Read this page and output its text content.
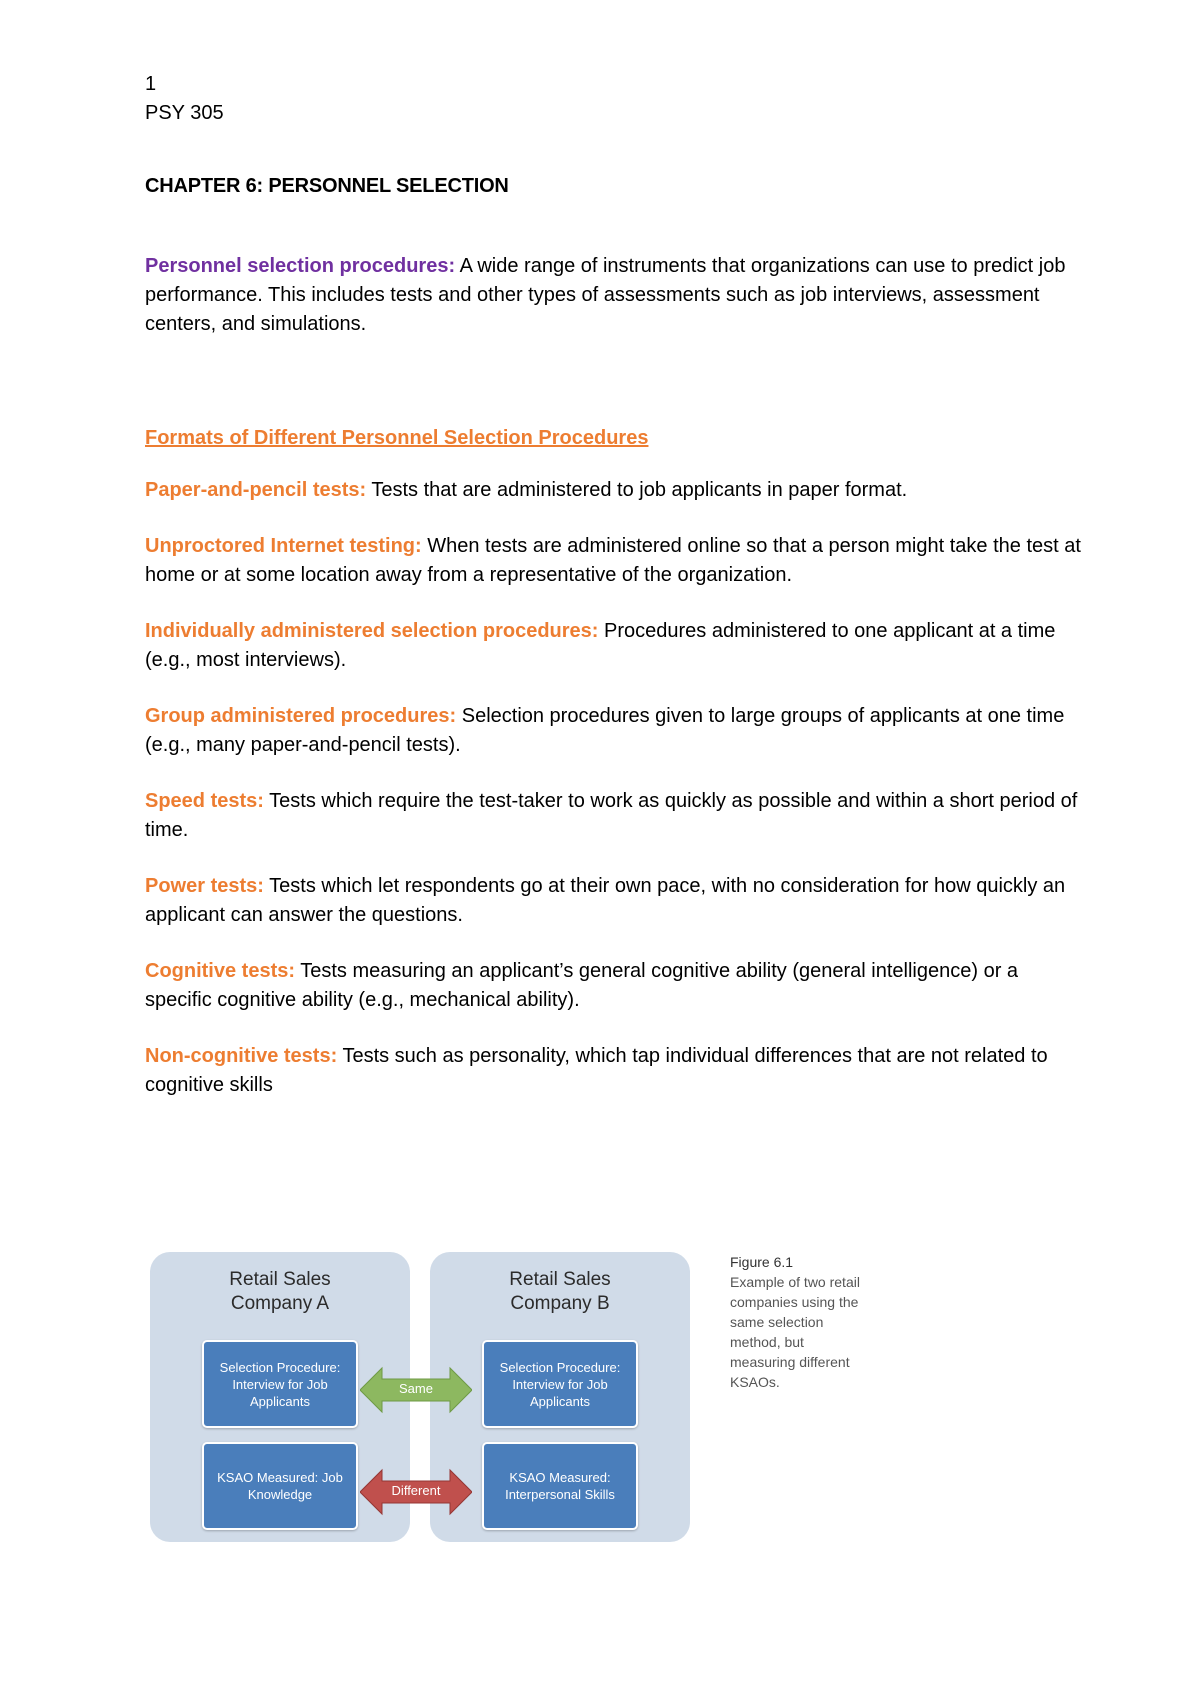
1
PSY 305
CHAPTER 6: PERSONNEL SELECTION

Personnel selection procedures: A wide range of instruments that organizations can use to predict job performance. This includes tests and other types of assessments such as job interviews, assessment centers, and simulations.

Formats of Different Personnel Selection Procedures

Paper-and-pencil tests: Tests that are administered to job applicants in paper format.

Unproctored Internet testing: When tests are administered online so that a person might take the test at home or at some location away from a representative of the organization.

Individually administered selection procedures: Procedures administered to one applicant at a time (e.g., most interviews).

Group administered procedures: Selection procedures given to large groups of applicants at one time (e.g., many paper-and-pencil tests).

Speed tests: Tests which require the test-taker to work as quickly as possible and within a short period of time.

Power tests: Tests which let respondents go at their own pace, with no consideration for how quickly an applicant can answer the questions.

Cognitive tests: Tests measuring an applicant’s general cognitive ability (general intelligence) or a specific cognitive ability (e.g., mechanical ability).

Non-cognitive tests: Tests such as personality, which tap individual differences that are not related to cognitive skills

Retail Sales
Company A
Selection Procedure: Interview for Job Applicants
KSAO Measured: Job Knowledge
Retail Sales
Company B
Selection Procedure: Interview for Job Applicants
KSAO Measured: Interpersonal Skills
Same
Different
Figure 6.1
Example of two retail companies using the same selection method, but measuring different KSAOs.
